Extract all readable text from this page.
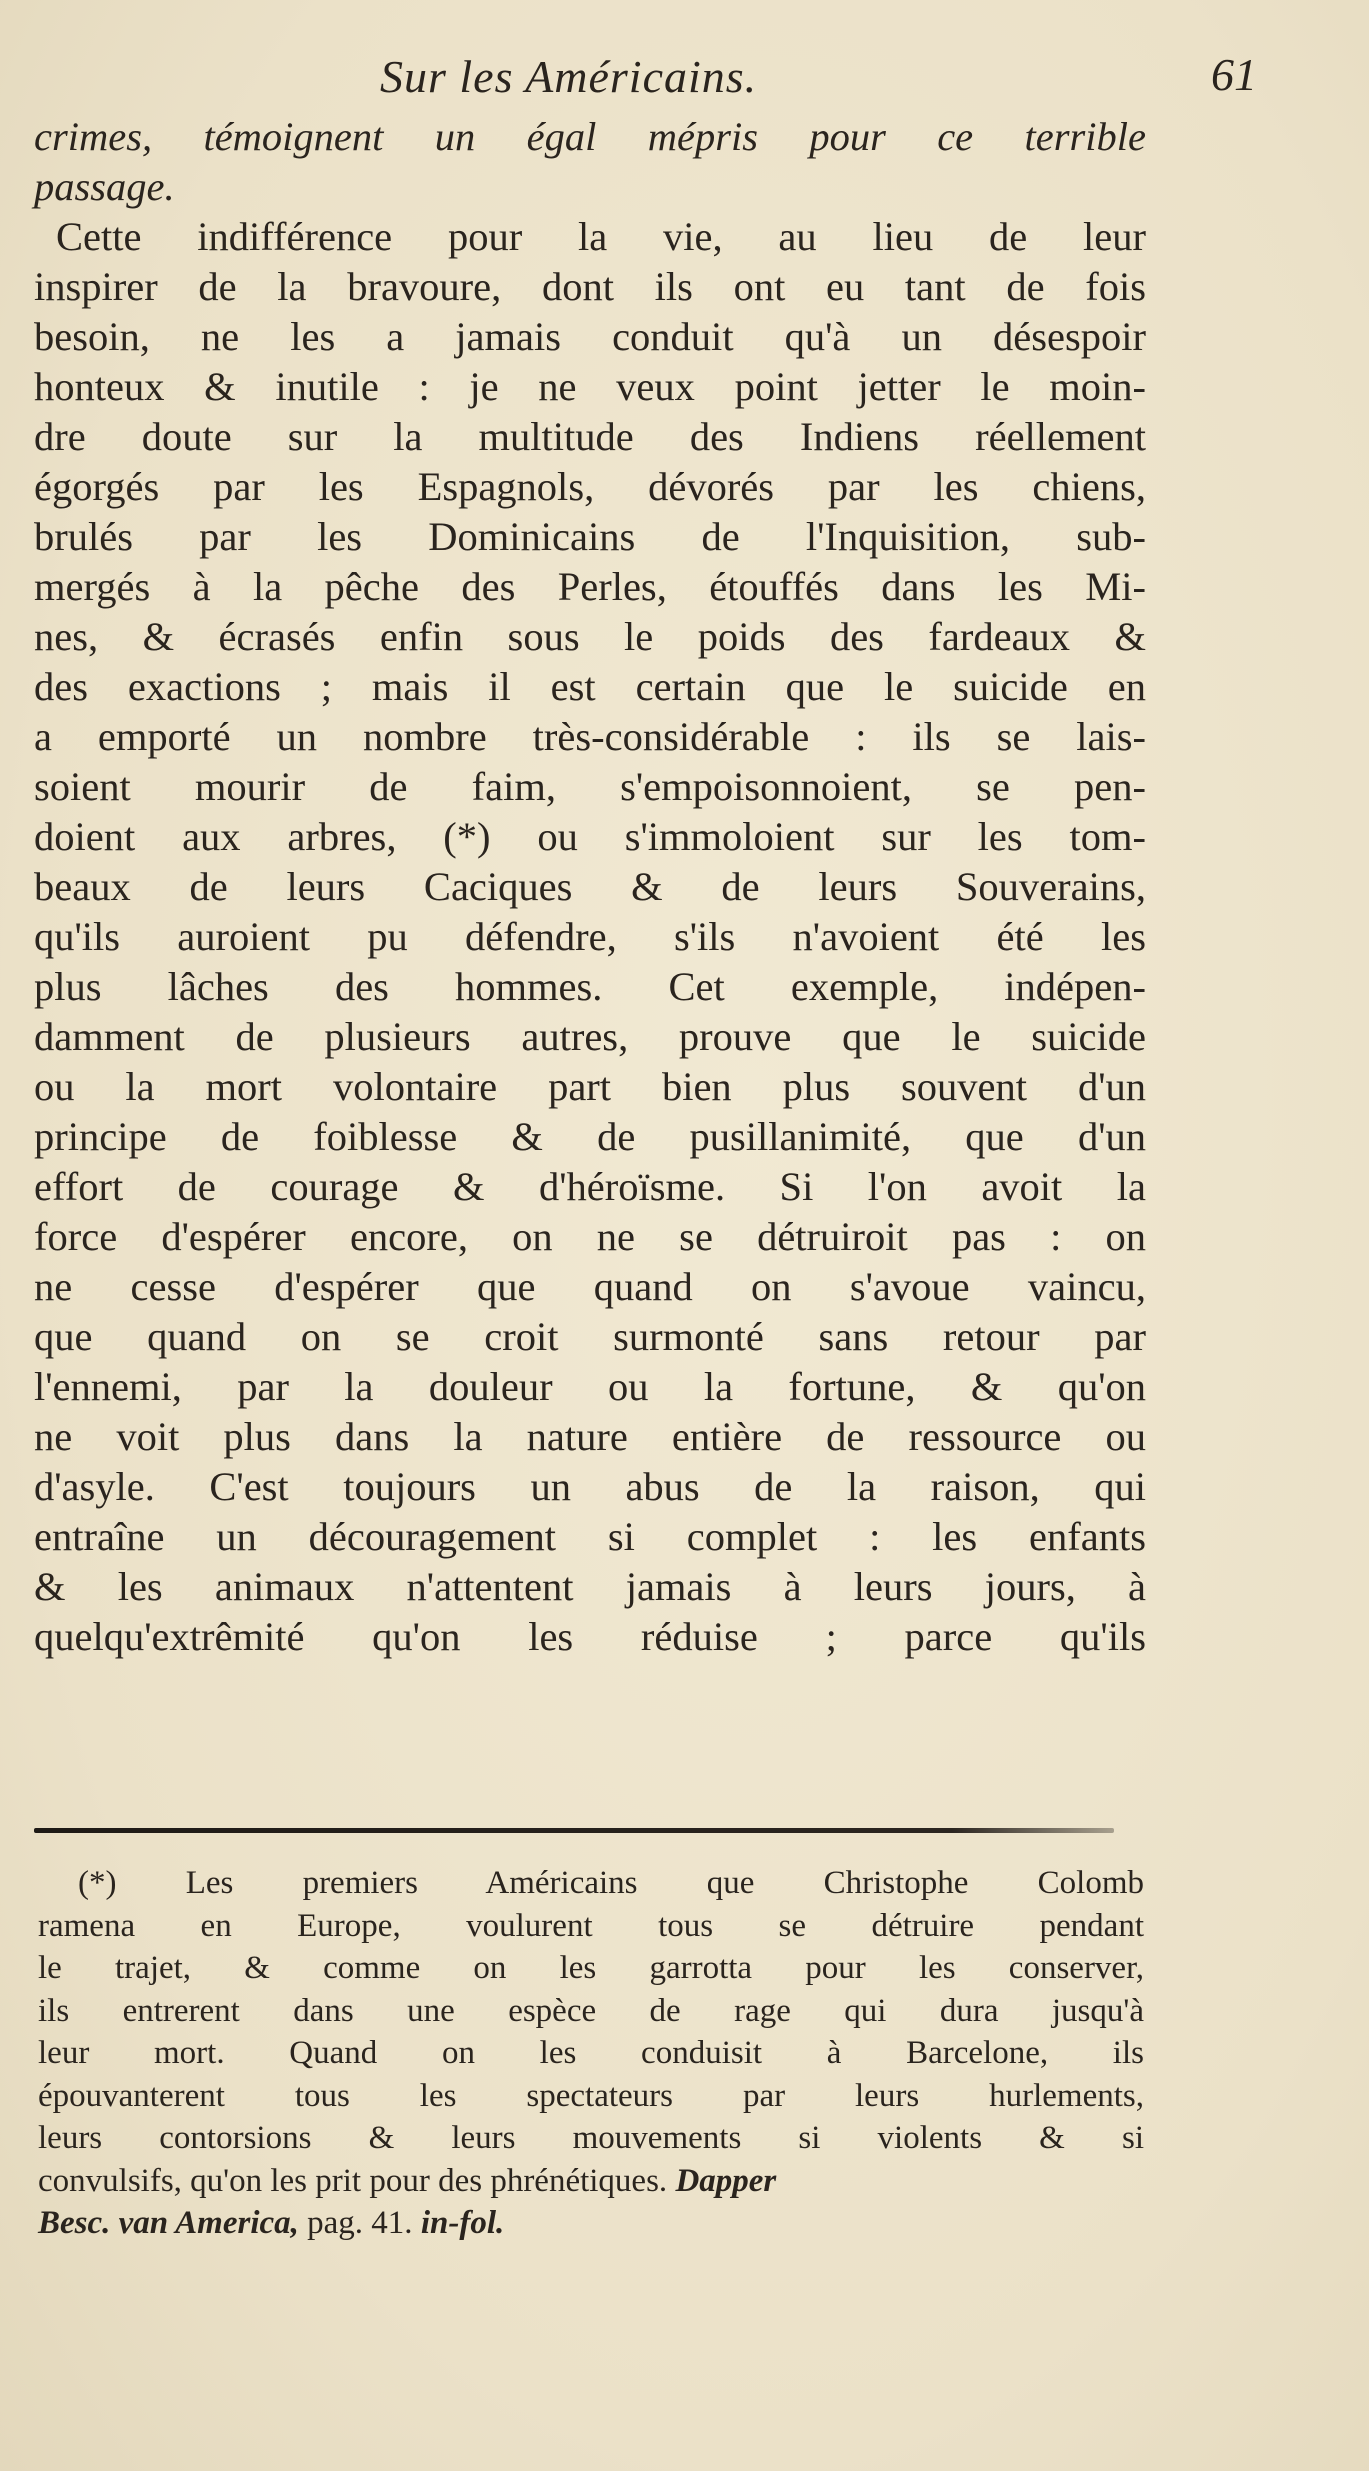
Sur les Américains.	61
crimes, témoignent un égal mépris pour ce terrible
passage.
Cette indifférence pour la vie, au lieu de leur
inspirer de la bravoure, dont ils ont eu tant de fois
besoin, ne les a jamais conduit qu'à un désespoir
honteux & inutile : je ne veux point jetter le moin-
dre doute sur la multitude des Indiens réellement
égorgés par les Espagnols, dévorés par les chiens,
brulés par les Dominicains de l'Inquisition, sub-
mergés à la pêche des Perles, étouffés dans les Mi-
nes, & écrasés enfin sous le poids des fardeaux &
des exactions ; mais il est certain que le suicide en
a emporté un nombre très-considérable : ils se lais-
soient mourir de faim, s'empoisonnoient, se pen-
doient aux arbres, (*) ou s'immoloient sur les tom-
beaux de leurs Caciques & de leurs Souverains,
qu'ils auroient pu défendre, s'ils n'avoient été les
plus lâches des hommes. Cet exemple, indépen-
damment de plusieurs autres, prouve que le suicide
ou la mort volontaire part bien plus souvent d'un
principe de foiblesse & de pusillanimité, que d'un
effort de courage & d'héroïsme. Si l'on avoit la
force d'espérer encore, on ne se détruiroit pas : on
ne cesse d'espérer que quand on s'avoue vaincu,
que quand on se croit surmonté sans retour par
l'ennemi, par la douleur ou la fortune, & qu'on
ne voit plus dans la nature entière de ressource ou
d'asyle. C'est toujours un abus de la raison, qui
entraîne un découragement si complet : les enfants
& les animaux n'attentent jamais à leurs jours, à
quelqu'extrêmité qu'on les réduise ; parce qu'ils
(*) Les premiers Américains que Christophe Colomb
ramena en Europe, voulurent tous se détruire pendant
le trajet, & comme on les garrotta pour les conserver,
ils entrerent dans une espèce de rage qui dura jusqu'à
leur mort. Quand on les conduisit à Barcelone, ils
épouvanterent tous les spectateurs par leurs hurlements,
leurs contorsions & leurs mouvements si violents & si
convulsifs, qu'on les prit pour des phrénétiques. Dapper
Besc. van America, pag. 41. in-fol.
